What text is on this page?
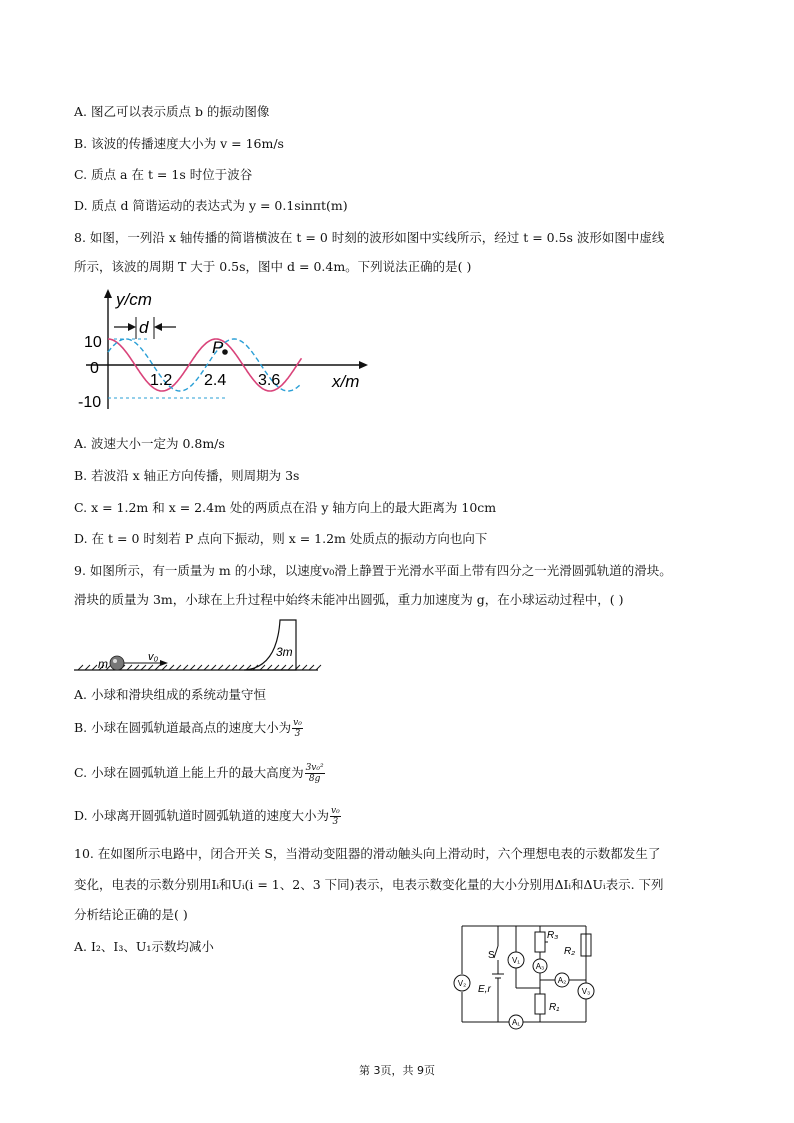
A. 图乙可以表示质点 b 的振动图像
B. 该波的传播速度大小为 v = 16m/s
C. 质点 a 在 t = 1s 时位于波谷
D. 质点 d 简谐运动的表达式为 y = 0.1sinπt(m)
8. 如图，一列沿 x 轴传播的简谐横波在 t = 0 时刻的波形如图中实线所示，经过 t = 0.5s 波形如图中虚线
所示，该波的周期 T 大于 0.5s，图中 d = 0.4m。下列说法正确的是( )
y/cm
x/m
10
0
-10
1.2 2.4 3.6
d
P
A. 波速大小一定为 0.8m/s
B. 若波沿 x 轴正方向传播，则周期为 3s
C. x = 1.2m 和 x = 2.4m 处的两质点在沿 y 轴方向上的最大距离为 10cm
D. 在 t = 0 时刻若 P 点向下振动，则 x = 1.2m 处质点的振动方向也向下
9. 如图所示，有一质量为 m 的小球，以速度v₀滑上静置于光滑水平面上带有四分之一光滑圆弧轨道的滑块。
滑块的质量为 3m，小球在上升过程中始终未能冲出圆弧，重力加速度为 g，在小球运动过程中，( )
m	v₀	3m
A. 小球和滑块组成的系统动量守恒
B. 小球在圆弧轨道最高点的速度大小为 $\frac{\text{v₀}}{3}$
C. 小球在圆弧轨道上能上升的最大高度为 $\frac{\text{3v₀²}}{8g}$
D. 小球离开圆弧轨道时圆弧轨道的速度大小为 $\frac{\text{v₀}}{3}$
10. 在如图所示电路中，闭合开关 S，当滑动变阻器的滑动触头向上滑动时，六个理想电表的示数都发生了
变化，电表的示数分别用Iᵢ和Uᵢ(i = 1、2、3 下同)表示，电表示数变化量的大小分别用ΔIᵢ和ΔUᵢ表示. 下列
分析结论正确的是( )
A. I₂、I₃、U₁示数均减小
V₂
V₁
A₃
A₂
V₃
A₁
R₃
R₂
R₁
S
E,r
第 3页，共 9页
